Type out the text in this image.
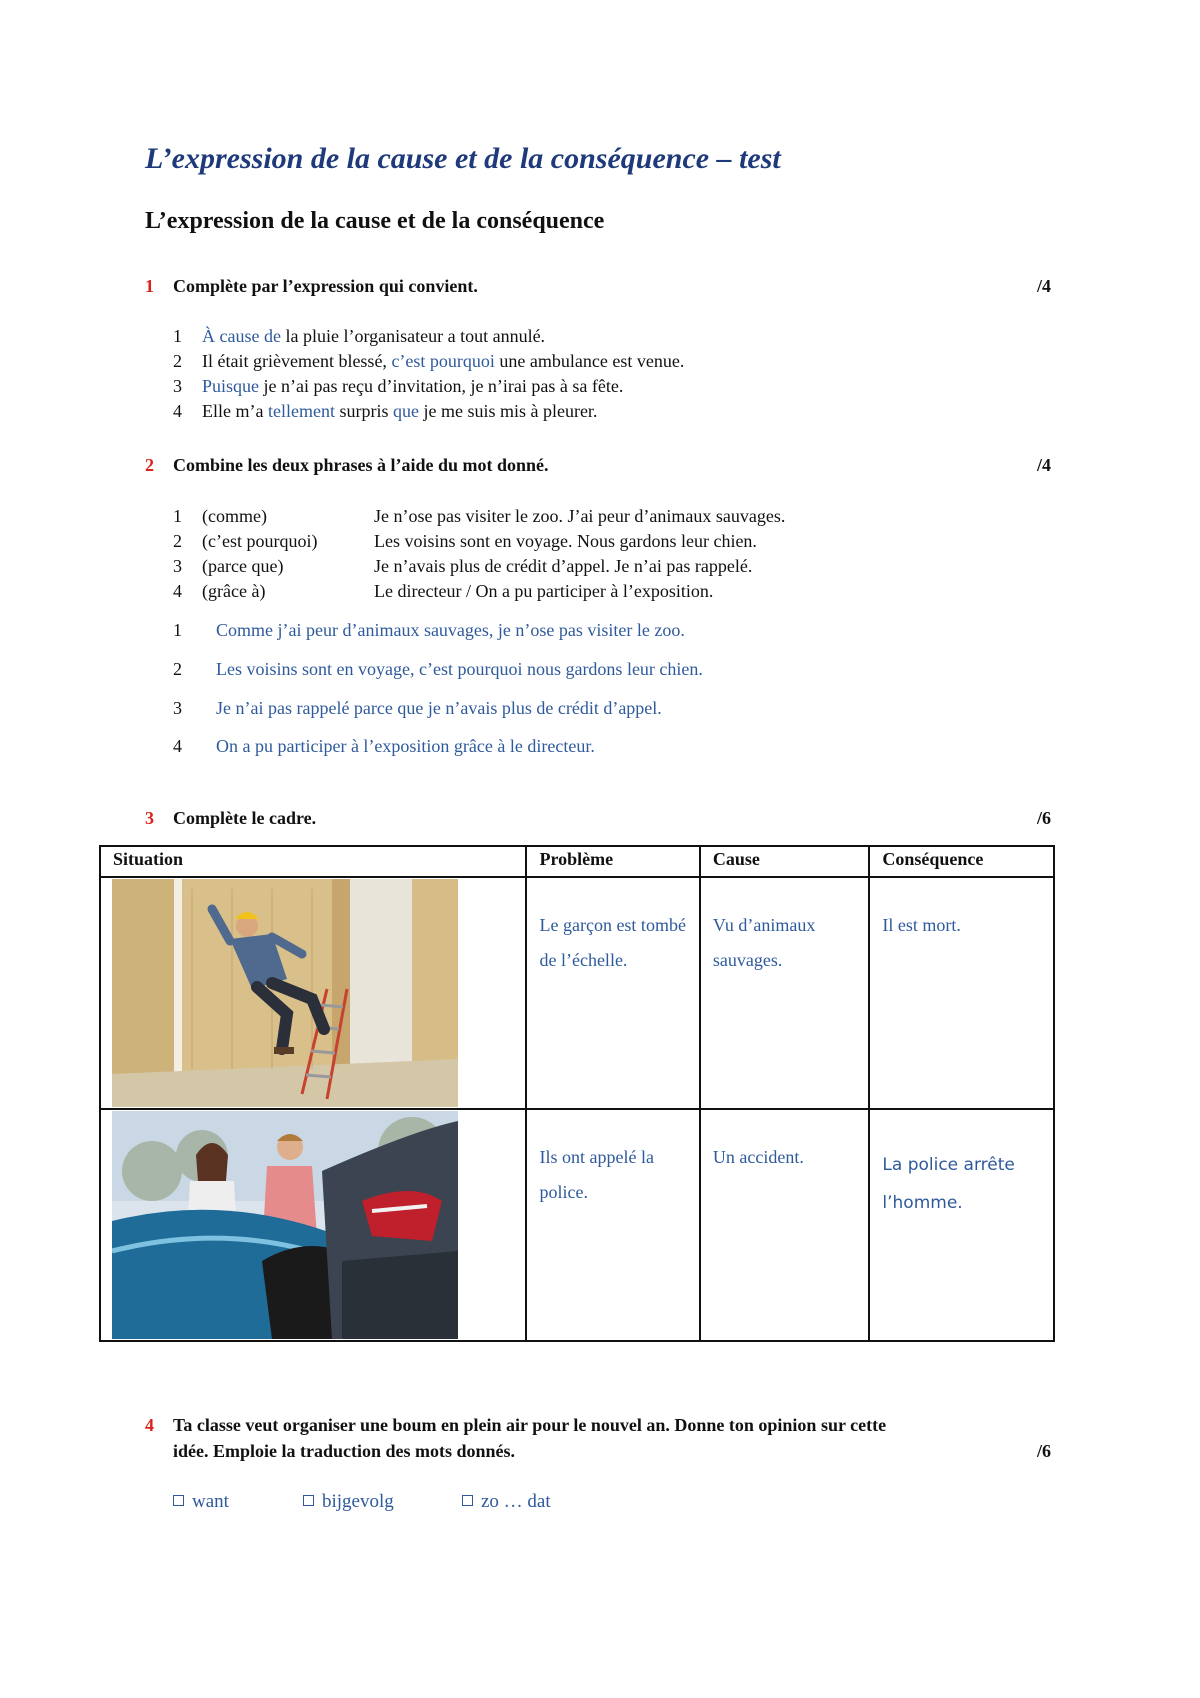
L’expression de la cause et de la conséquence – test
L’expression de la cause et de la conséquence
1 Complète par l’expression qui convient.	/4
1 À cause de la pluie l’organisateur a tout annulé.
2 Il était grièvement blessé, c’est pourquoi une ambulance est venue.
3 Puisque je n’ai pas reçu d’invitation, je n’irai pas à sa fête.
4 Elle m’a tellement surpris que je me suis mis à pleurer.
2 Combine les deux phrases à l’aide du mot donné.	/4
1 (comme)	Je n’ose pas visiter le zoo. J’ai peur d’animaux sauvages.
2 (c’est pourquoi)	Les voisins sont en voyage. Nous gardons leur chien.
3 (parce que)	Je n’avais plus de crédit d’appel. Je n’ai pas rappelé.
4 (grâce à)	Le directeur / On a pu participer à l’exposition.
1 Comme j’ai peur d’animaux sauvages, je n’ose pas visiter le zoo.
2 Les voisins sont en voyage, c’est pourquoi nous gardons leur chien.
3 Je n’ai pas rappelé parce que je n’avais plus de crédit d’appel.
4 On a pu participer à l’exposition grâce à le directeur.
3 Complète le cadre.	/6
Situation	Problème	Cause	Conséquence

	Le garçon est tombé de l’échelle.	Vu d’animaux sauvages.	Il est mort.

	Ils ont appelé la police.	Un accident.	La police arrête l’homme.
4 Ta classe veut organiser une boum en plein air pour le nouvel an. Donne ton opinion sur cette
idée. Emploie la traduction des mots donnés.	/6
want	bijgevolg	zo … dat
